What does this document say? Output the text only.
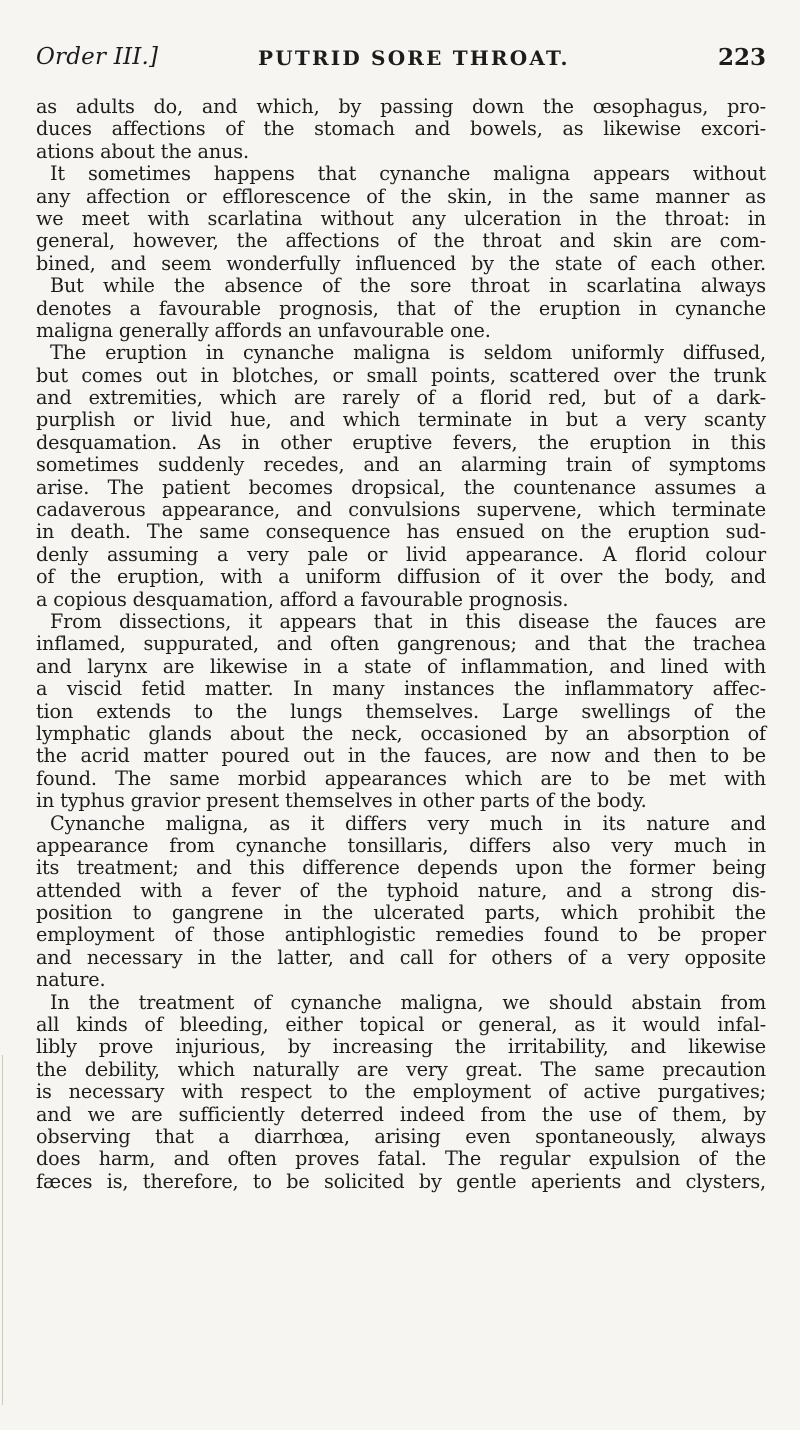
Order III.]	PUTRID SORE THROAT.	223
as adults do, and which, by passing down the œsophagus, pro-
duces affections of the stomach and bowels, as likewise excori-
ations about the anus.
It sometimes happens that cynanche maligna appears without
any affection or efflorescence of the skin, in the same manner as
we meet with scarlatina without any ulceration in the throat: in
general, however, the affections of the throat and skin are com-
bined, and seem wonderfully influenced by the state of each other.
But while the absence of the sore throat in scarlatina always
denotes a favourable prognosis, that of the eruption in cynanche
maligna generally affords an unfavourable one.
The eruption in cynanche maligna is seldom uniformly diffused,
but comes out in blotches, or small points, scattered over the trunk
and extremities, which are rarely of a florid red, but of a dark-
purplish or livid hue, and which terminate in but a very scanty
desquamation. As in other eruptive fevers, the eruption in this
sometimes suddenly recedes, and an alarming train of symptoms
arise. The patient becomes dropsical, the countenance assumes a
cadaverous appearance, and convulsions supervene, which terminate
in death. The same consequence has ensued on the eruption sud-
denly assuming a very pale or livid appearance. A florid colour
of the eruption, with a uniform diffusion of it over the body, and
a copious desquamation, afford a favourable prognosis.
From dissections, it appears that in this disease the fauces are
inflamed, suppurated, and often gangrenous; and that the trachea
and larynx are likewise in a state of inflammation, and lined with
a viscid fetid matter. In many instances the inflammatory affec-
tion extends to the lungs themselves. Large swellings of the
lymphatic glands about the neck, occasioned by an absorption of
the acrid matter poured out in the fauces, are now and then to be
found. The same morbid appearances which are to be met with
in typhus gravior present themselves in other parts of the body.
Cynanche maligna, as it differs very much in its nature and
appearance from cynanche tonsillaris, differs also very much in
its treatment; and this difference depends upon the former being
attended with a fever of the typhoid nature, and a strong dis-
position to gangrene in the ulcerated parts, which prohibit the
employment of those antiphlogistic remedies found to be proper
and necessary in the latter, and call for others of a very opposite
nature.
In the treatment of cynanche maligna, we should abstain from
all kinds of bleeding, either topical or general, as it would infal-
libly prove injurious, by increasing the irritability, and likewise
the debility, which naturally are very great. The same precaution
is necessary with respect to the employment of active purgatives;
and we are sufficiently deterred indeed from the use of them, by
observing that a diarrhœa, arising even spontaneously, always
does harm, and often proves fatal. The regular expulsion of the
fæces is, therefore, to be solicited by gentle aperients and clysters,
